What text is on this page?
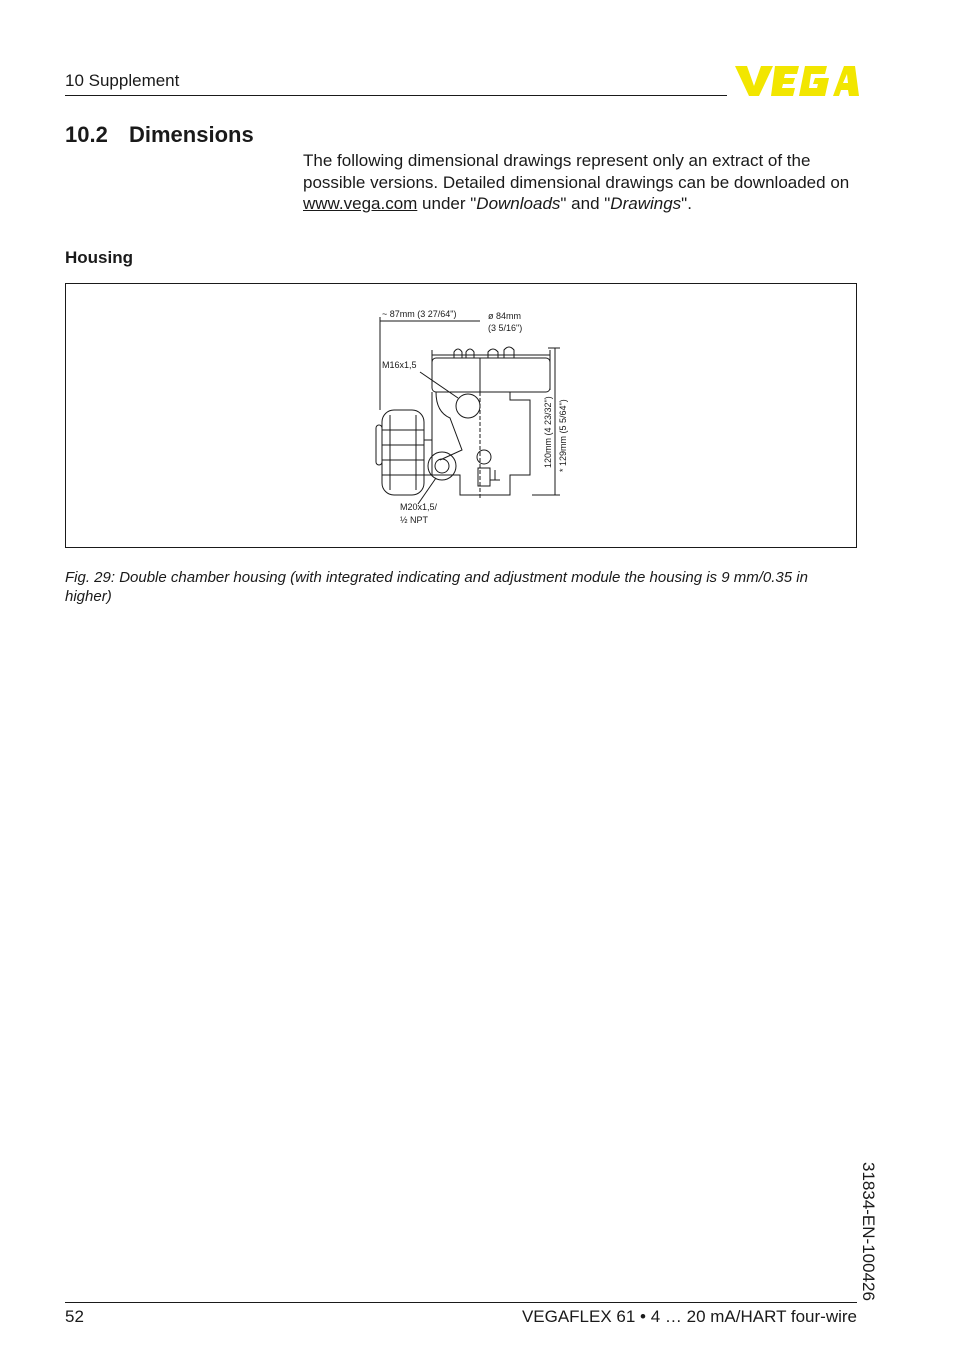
10 Supplement
10.2 Dimensions
The following dimensional drawings represent only an extract of the possible versions. Detailed dimensional drawings can be downloaded on www.vega.com under "Downloads" and "Drawings".
Housing
~ 87mm (3 27/64")	ø 84mm
(3 5/16")
M16x1,5
M20x1,5/
½ NPT
120mm (4 23/32") * 129mm (5 5/64")
Fig. 29: Double chamber housing (with integrated indicating and adjustment module the housing is 9 mm/0.35 in higher)
31834-EN-100426
52	VEGAFLEX 61 • 4 … 20 mA/HART four-wire
